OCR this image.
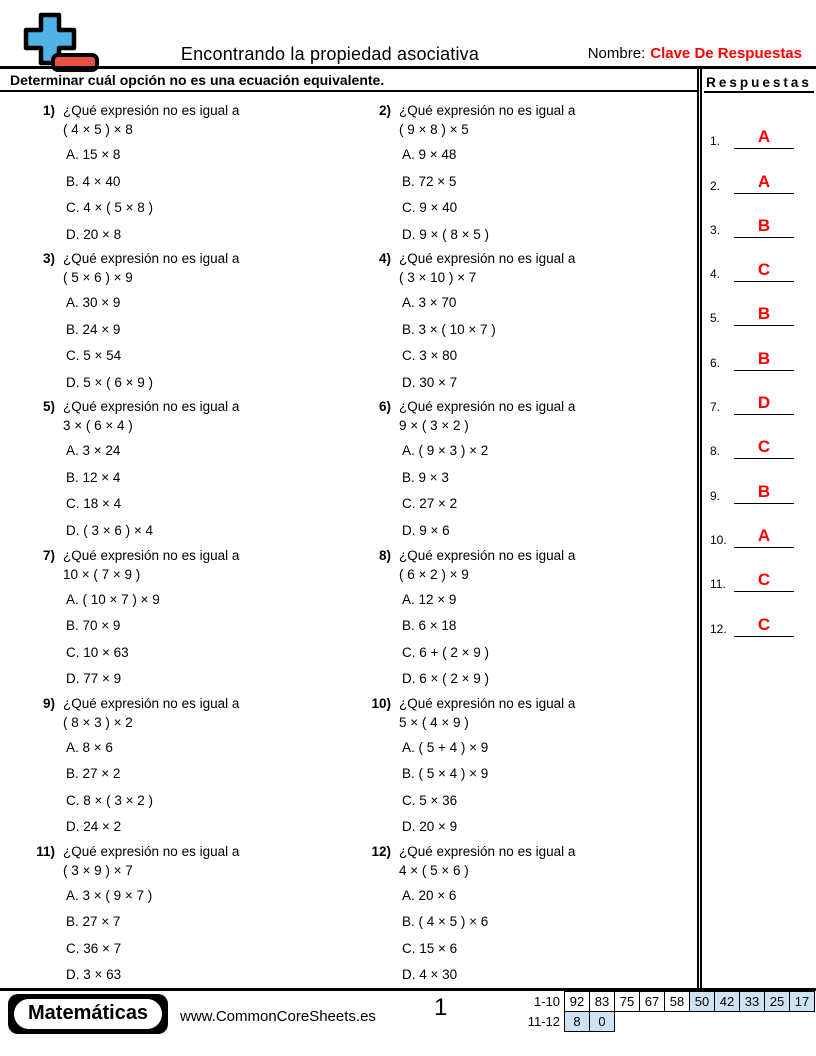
Encontrando la propiedad asociativa	Nombre: Clave De Respuestas
Determinar cuál opción no es una ecuación equivalente.
1) ¿Qué expresión no es igual a
( 4 × 5 ) × 8
A. 15 × 8
B. 4 × 40
C. 4 × ( 5 × 8 )
D. 20 × 8
2) ¿Qué expresión no es igual a
( 9 × 8 ) × 5
A. 9 × 48
B. 72 × 5
C. 9 × 40
D. 9 × ( 8 × 5 )
3) ¿Qué expresión no es igual a
( 5 × 6 ) × 9
A. 30 × 9
B. 24 × 9
C. 5 × 54
D. 5 × ( 6 × 9 )
4) ¿Qué expresión no es igual a
( 3 × 10 ) × 7
A. 3 × 70
B. 3 × ( 10 × 7 )
C. 3 × 80
D. 30 × 7
5) ¿Qué expresión no es igual a
3 × ( 6 × 4 )
A. 3 × 24
B. 12 × 4
C. 18 × 4
D. ( 3 × 6 ) × 4
6) ¿Qué expresión no es igual a
9 × ( 3 × 2 )
A. ( 9 × 3 ) × 2
B. 9 × 3
C. 27 × 2
D. 9 × 6
7) ¿Qué expresión no es igual a
10 × ( 7 × 9 )
A. ( 10 × 7 ) × 9
B. 70 × 9
C. 10 × 63
D. 77 × 9
8) ¿Qué expresión no es igual a
( 6 × 2 ) × 9
A. 12 × 9
B. 6 × 18
C. 6 + ( 2 × 9 )
D. 6 × ( 2 × 9 )
9) ¿Qué expresión no es igual a
( 8 × 3 ) × 2
A. 8 × 6
B. 27 × 2
C. 8 × ( 3 × 2 )
D. 24 × 2
10) ¿Qué expresión no es igual a
5 × ( 4 × 9 )
A. ( 5 + 4 ) × 9
B. ( 5 × 4 ) × 9
C. 5 × 36
D. 20 × 9
11) ¿Qué expresión no es igual a
( 3 × 9 ) × 7
A. 3 × ( 9 × 7 )
B. 27 × 7
C. 36 × 7
D. 3 × 63
12) ¿Qué expresión no es igual a
4 × ( 5 × 6 )
A. 20 × 6
B. ( 4 × 5 ) × 6
C. 15 × 6
D. 4 × 30
Respuestas
1.	A
2.	A
3.	B
4.	C
5.	B
6.	B
7.	D
8.	C
9.	B
10.	A
11.	C
12.	C
Matemáticas	www.CommonCoreSheets.es 1	1-10	92	83	75	67	58	50	42	33	25	17
11-12	8	0								
